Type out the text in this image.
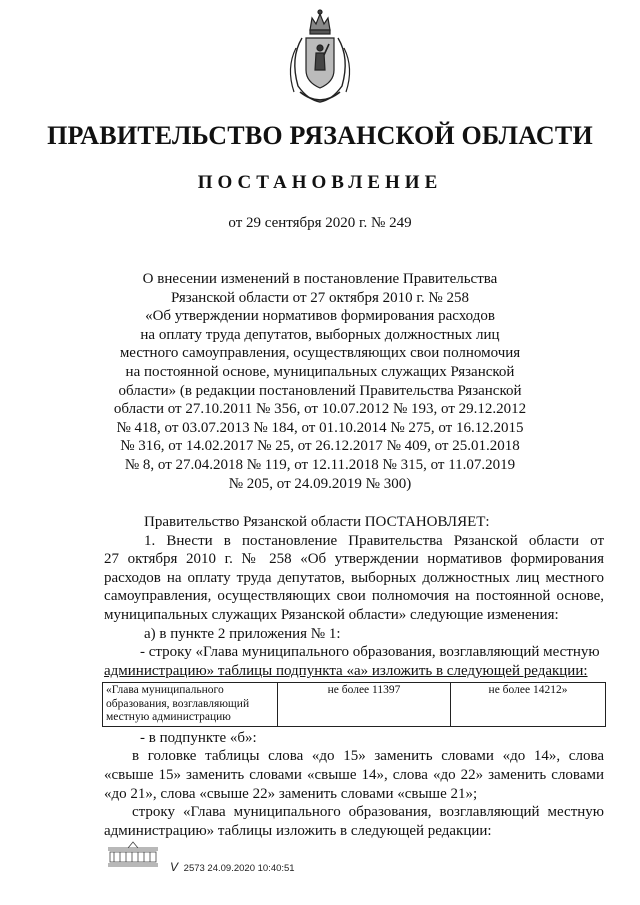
ПРАВИТЕЛЬСТВО РЯЗАНСКОЙ ОБЛАСТИ
ПОСТАНОВЛЕНИЕ
от 29 сентября 2020 г. № 249
О внесении изменений в постановление Правительства
Рязанской области от 27 октября 2010 г. № 258
«Об утверждении нормативов формирования расходов
на оплату труда депутатов, выборных должностных лиц
местного самоуправления, осуществляющих свои полномочия
на постоянной основе, муниципальных служащих Рязанской
области» (в редакции постановлений Правительства Рязанской
области от 27.10.2011 № 356, от 10.07.2012 № 193, от 29.12.2012
№ 418, от 03.07.2013 № 184, от 01.10.2014 № 275, от 16.12.2015
№ 316, от 14.02.2017 № 25, от 26.12.2017 № 409, от 25.01.2018
№ 8, от 27.04.2018 № 119, от 12.11.2018 № 315, от 11.07.2019
№ 205, от 24.09.2019 № 300)
Правительство Рязанской области ПОСТАНОВЛЯЕТ:
1. Внести в постановление Правительства Рязанской области от
27 октября 2010 г. № 258 «Об утверждении нормативов формирования
расходов на оплату труда депутатов, выборных должностных лиц местного
самоуправления, осуществляющих свои полномочия на постоянной основе,
муниципальных служащих Рязанской области» следующие изменения:
а) в пункте 2 приложения № 1:
- строку «Глава муниципального образования, возглавляющий местную
администрацию» таблицы подпункта «а» изложить в следующей редакции:
«Глава муниципального
образования, возглавляющий
местную администрацию
	не более 11397	не более 14212»
- в подпункте «б»:
в головке таблицы слова «до 15» заменить словами «до 14», слова
«свыше 15» заменить словами «свыше 14», слова «до 22» заменить словами
«до 21», слова «свыше 22» заменить словами «свыше 21»;
строку «Глава муниципального образования, возглавляющий местную
администрацию» таблицы изложить в следующей редакции:
V 2573 24.09.2020 10:40:51
